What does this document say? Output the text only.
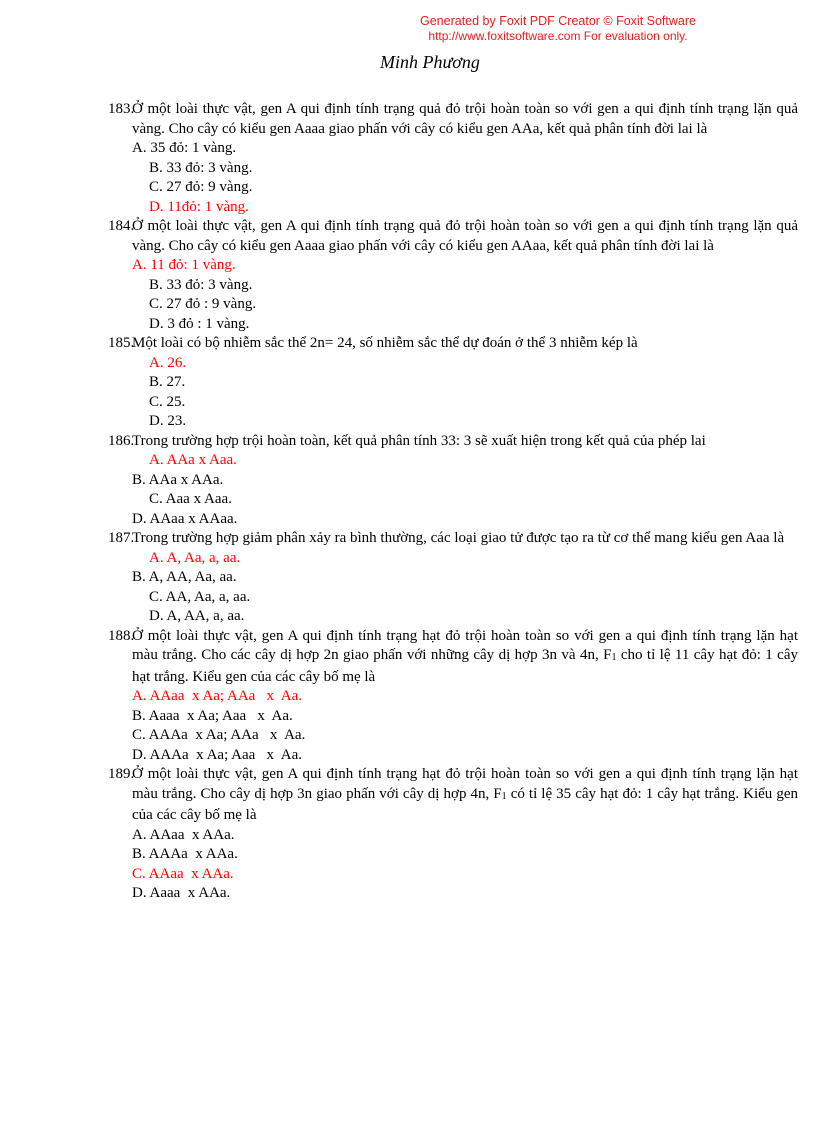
Generated by Foxit PDF Creator © Foxit Software
http://www.foxitsoftware.com For evaluation only.
Minh Phương
183.
Ở một loài thực vật, gen A qui định tính trạng quả đỏ trội hoàn toàn so với gen a qui định tính trạng lặn quả vàng. Cho cây có kiểu gen Aaaa giao phấn với cây có kiểu gen AAa, kết quả phân tính đời lai là
A. 35 đỏ: 1 vàng.
B. 33 đỏ: 3 vàng.
C. 27 đỏ: 9 vàng.
D. 11đỏ: 1 vàng.
184.
Ở một loài thực vật, gen A qui định tính trạng quả đỏ trội hoàn toàn so với gen a qui định tính trạng lặn quả vàng. Cho cây có kiểu gen Aaaa giao phấn với cây có kiểu gen AAaa, kết quả phân tính đời lai là
A. 11 đỏ: 1 vàng.
B. 33 đỏ: 3 vàng.
C. 27 đỏ : 9 vàng.
D. 3 đỏ : 1 vàng.
185.
Một loài có bộ nhiễm sắc thể 2n= 24, số nhiễm sắc thể dự đoán ở thể 3 nhiễm kép là
A. 26.
B. 27.
C. 25.
D. 23.
186.
Trong trường hợp trội hoàn toàn, kết quả phân tính 33: 3 sẽ xuất hiện trong kết quả của phép lai
A. AAa x Aaa.
B. AAa x AAa.
C. Aaa x Aaa.
D. AAaa x AAaa.
187.
Trong trường hợp giảm phân xảy ra bình thường, các loại giao tử được tạo ra từ cơ thể mang kiểu gen Aaa là
A. A, Aa, a, aa.
B. A, AA, Aa, aa.
C. AA, Aa, a, aa.
D. A, AA, a, aa.
188.
Ở một loài thực vật, gen A qui định tính trạng hạt đỏ trội hoàn toàn so với gen a qui định tính trạng lặn hạt màu trắng. Cho các cây dị hợp 2n giao phấn với những cây dị hợp 3n và 4n, F1 cho tỉ lệ 11 cây hạt đỏ: 1 cây hạt trắng. Kiểu gen của các cây bố mẹ là
A. AAaa  x Aa; AAa   x  Aa.
B. Aaaa  x Aa; Aaa   x  Aa.
C. AAAa  x Aa; AAa   x  Aa.
D. AAAa  x Aa; Aaa   x  Aa.
189.
Ở một loài thực vật, gen A qui định tính trạng hạt đỏ trội hoàn toàn so với gen a qui định tính trạng lặn hạt màu trắng. Cho cây dị hợp 3n giao phấn với cây dị hợp 4n, F1 có tỉ lệ 35 cây hạt đỏ: 1 cây hạt trắng. Kiểu gen của các cây bố mẹ là
A. AAaa  x AAa.
B. AAAa  x AAa.
C. AAaa  x AAa.
D. Aaaa  x AAa.
